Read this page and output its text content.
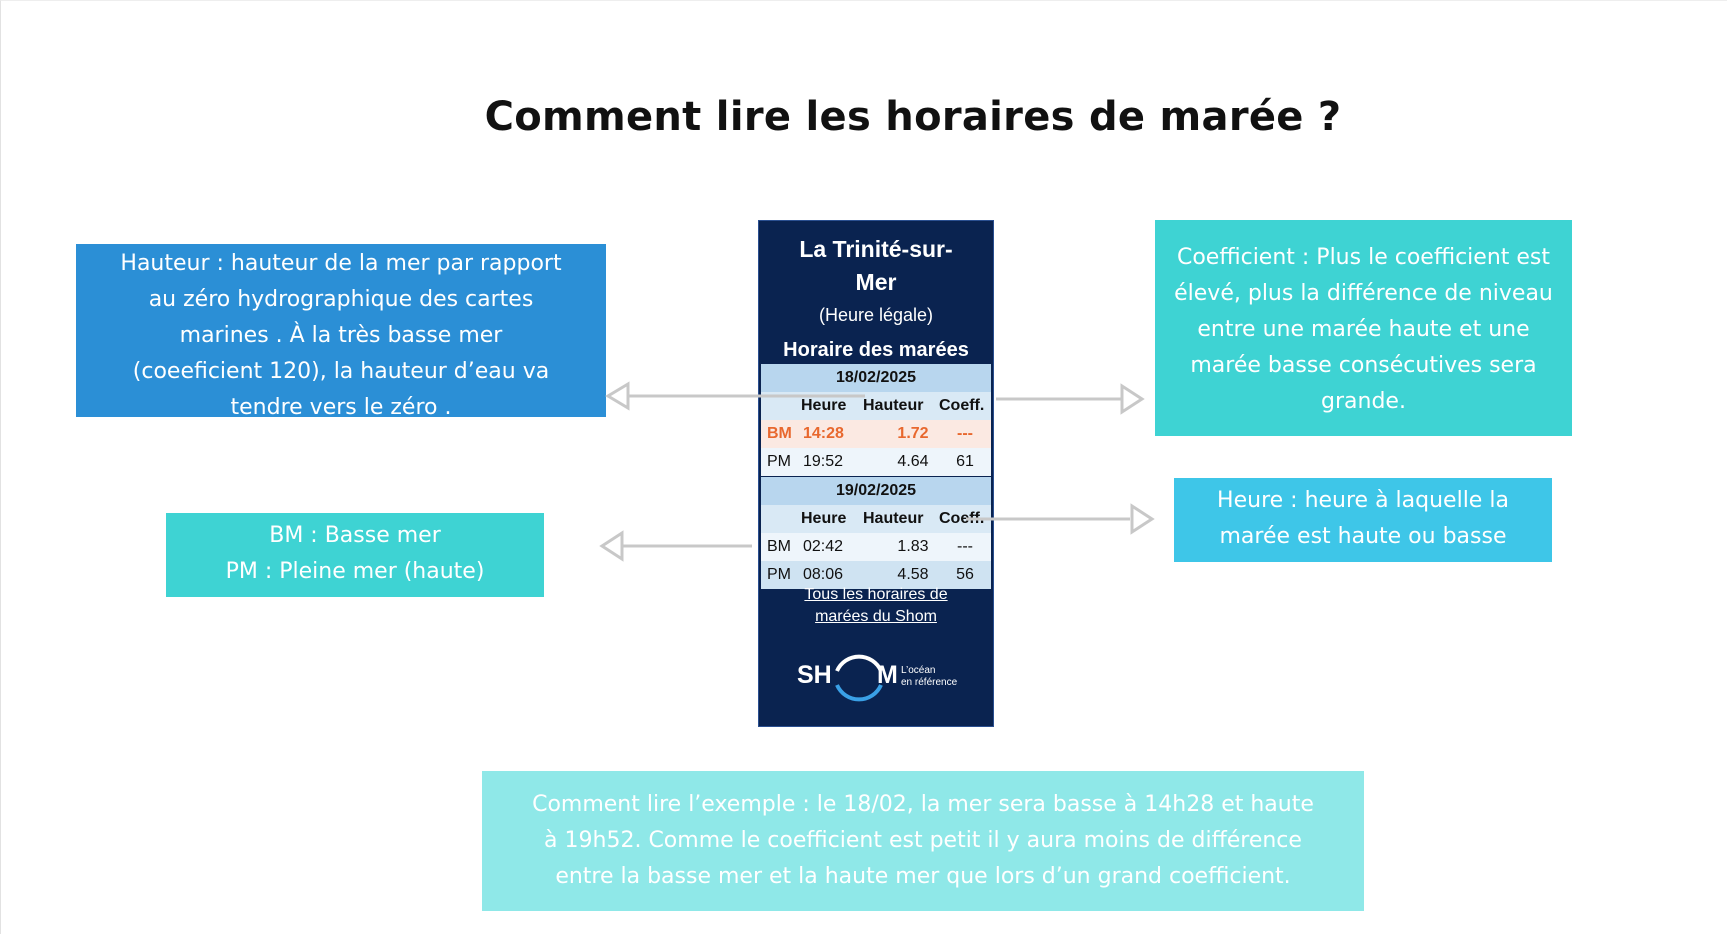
Comment lire les horaires de marée ?
Hauteur : hauteur de la mer par rapport
au zéro hydrographique des cartes
marines . À la très basse mer
(coeeficient 120), la hauteur d’eau va
tendre vers le zéro .
Coefficient : Plus le coefficient est
élevé, plus la différence de niveau
entre une marée haute et une
marée basse consécutives sera
grande.
BM : Basse mer
PM : Pleine mer (haute)
Heure : heure à laquelle la
marée est haute ou basse
Comment lire l’exemple : le 18/02, la mer sera basse à 14h28 et haute
à 19h52. Comme le coefficient est petit il y aura moins de différence
entre la basse mer et la haute mer que lors d’un grand coefficient.
La Trinité-sur-
Mer
(Heure légale)
Horaire des marées
18/02/2025
Heure Hauteur Coeff.
BM 14:28	1.72	---
PM 19:52	4.64	61
19/02/2025
Heure Hauteur Coeff.
BM 02:42	1.83	---
PM 08:06	4.58	56
Tous les horaires de
marées du Shom
SH M L’océan
en référence
